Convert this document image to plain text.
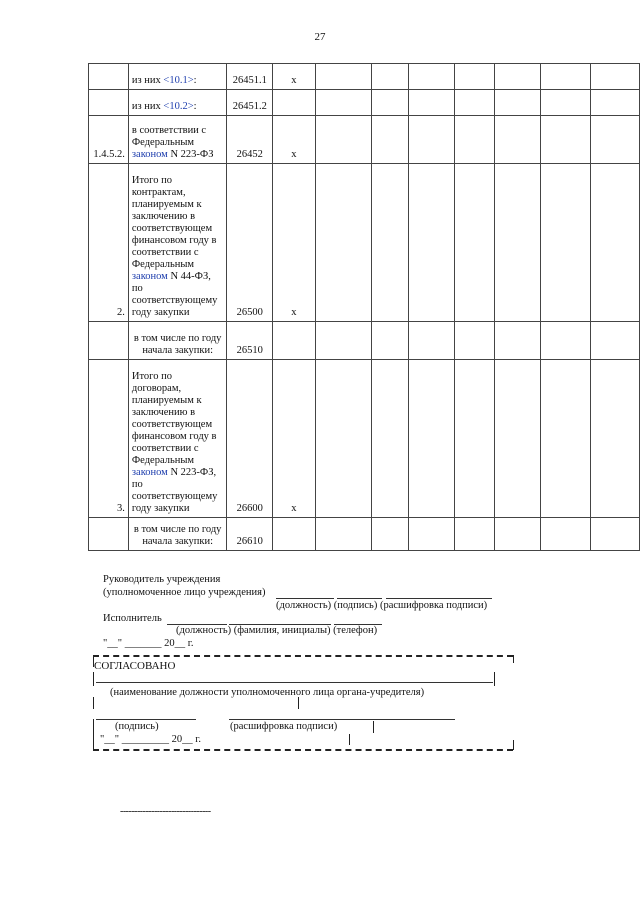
27
	из них <10.1>:	26451.1	x							
	из них <10.2>:	26451.2								
1.4.5.2.	в соответствии с Федеральным законом N 223-ФЗ	26452	x							
2.	Итого по контрактам, планируемым к заключению в соответствующем финансовом году в соответствии с Федеральным законом N 44-ФЗ, по соответствующему году закупки	26500	x							
	в том числе по году начала закупки:	26510								
3.	Итого по договорам, планируемым к заключению в соответствующем финансовом году в соответствии с Федеральным законом N 223-ФЗ, по соответствующему году закупки	26600	x							
	в том числе по году начала закупки:	26610								
Руководитель учреждения
(уполномоченное лицо учреждения)
(должность) (подпись) (расшифровка подписи)
Исполнитель
(должность) (фамилия, инициалы) (телефон)
"__" _______ 20__ г.
СОГЛАСОВАНО
(наименование должности уполномоченного лица органа-учредителя)
(подпись)	(расшифровка подписи)
"__" _________ 20__ г.
--------------------------------
